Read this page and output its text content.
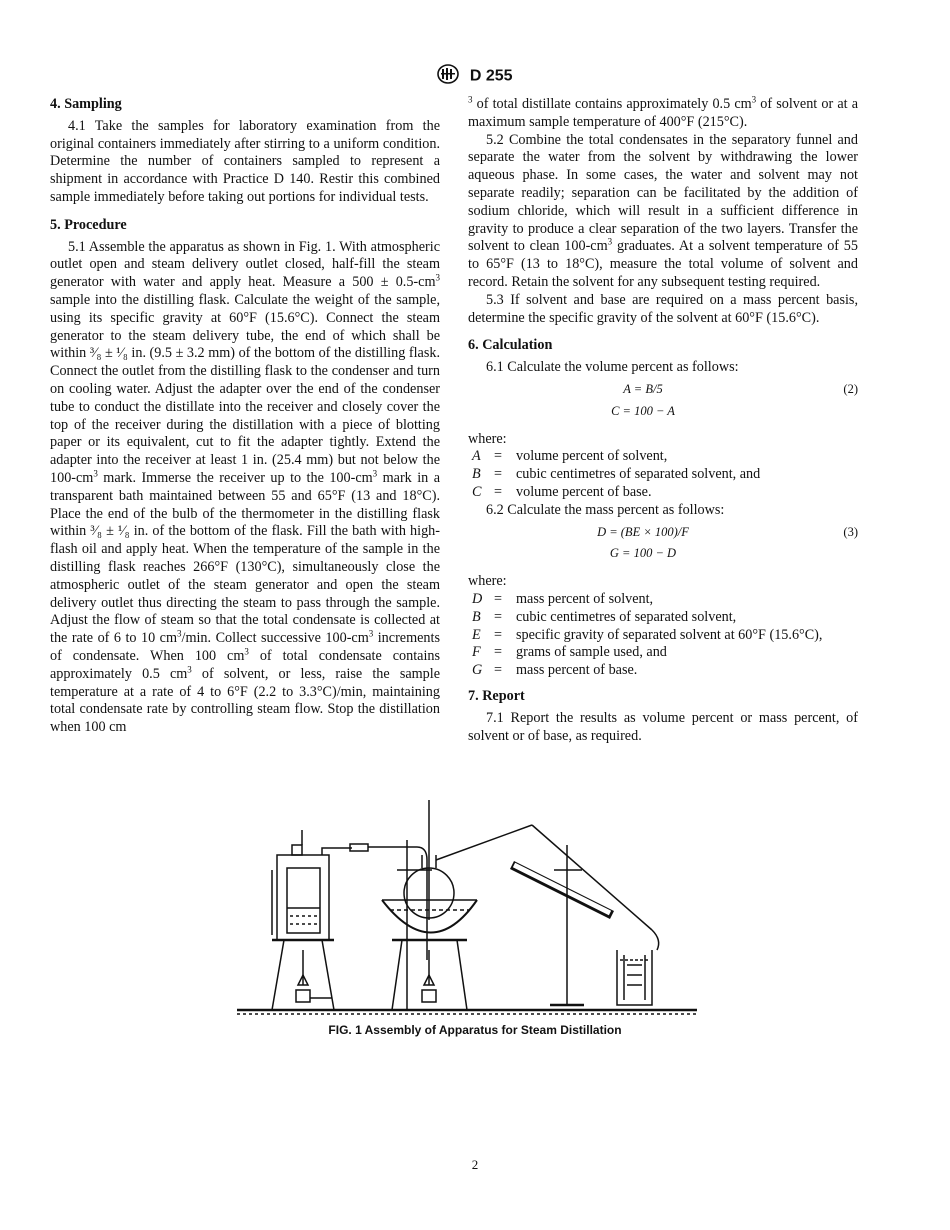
D 255
4. Sampling

4.1 Take the samples for laboratory examination from the original containers immediately after stirring to a uniform condition. Determine the number of containers sampled to represent a shipment in accordance with Practice D 140. Restir this combined sample immediately before taking out portions for individual tests.

5. Procedure

5.1 Assemble the apparatus as shown in Fig. 1. With atmospheric outlet open and steam delivery outlet closed, half-fill the steam generator with water and apply heat. Measure a $500 \pm 0.5-cm^3$ sample into the distilling flask. Calculate the weight of the sample, using its specific gravity at 60°F (15.6°C). Connect the steam generator to the steam delivery tube, the end of which shall be within ³⁄₈ ± ¹⁄₈ in. (9.5 ± 3.2 mm) of the bottom of the distilling flask. Connect the outlet from the distilling flask to the condenser and turn on cooling water. Adjust the adapter over the end of the condenser tube to conduct the distillate into the receiver and closely cover the top of the receiver during the distillation with a piece of blotting paper or its equivalent, cut to fit the adapter tightly. Extend the adapter into the receiver at least 1 in. (25.4 mm) but not below the $100-cm^3$ mark. Immerse the receiver up to the $100-cm^3$ mark in a transparent bath maintained between 55 and 65°F (13 and 18°C). Place the end of the bulb of the thermometer in the distilling flask within ³⁄₈ ± ¹⁄₈ in. of the bottom of the flask. Fill the bath with high-flash oil and apply heat. When the temperature of the sample in the distilling flask reaches 266°F (130°C), simultaneously close the atmospheric outlet of the steam generator and open the steam delivery outlet thus directing the steam to pass through the sample. Adjust the flow of steam so that the total condensate is collected at the rate of 6 to 10 $cm^3/\min$. Collect successive $100-cm^3$ increments of condensate. When 100 $cm^3$ of total condensate contains approximately 0.5 $cm^3$ of solvent, or less, raise the sample temperature at a rate of 4 to 6°F (2.2 to 3.3°C)/min, maintaining total condensate rate by controlling steam flow. Stop the distillation when 100 cm

$^3$ of total distillate contains approximately 0.5 $cm^3$ of solvent or at a maximum sample temperature of 400°F (215°C).

5.2 Combine the total condensates in the separatory funnel and separate the water from the solvent by withdrawing the lower aqueous phase. In some cases, the water and solvent may not separate readily; separation can be facilitated by the addition of sodium chloride, which will result in a sufficient difference in gravity to produce a clear separation of the two layers. Transfer the solvent to clean $100-cm^3$ graduates. At a solvent temperature of 55 to 65°F (13 to 18°C), measure the total volume of solvent and record. Retain the solvent for any subsequent testing required.

5.3 If solvent and base are required on a mass percent basis, determine the specific gravity of the solvent at 60°F (15.6°C).

6. Calculation

6.1 Calculate the volume percent as follows:

A = B/5
C = 100 − A
(2)
where:
A = volume percent of solvent,
B = cubic centimetres of separated solvent, and
C = volume percent of base.

6.2 Calculate the mass percent as follows:

D = (BE × 100)/F
G = 100 − D
(3)
where:
D = mass percent of solvent,
B = cubic centimetres of separated solvent,
E = specific gravity of separated solvent at 60°F (15.6°C),
F = grams of sample used, and
G = mass percent of base.
7. Report

7.1 Report the results as volume percent or mass percent, of solvent or of base, as required.

FIG. 1 Assembly of Apparatus for Steam Distillation
2
